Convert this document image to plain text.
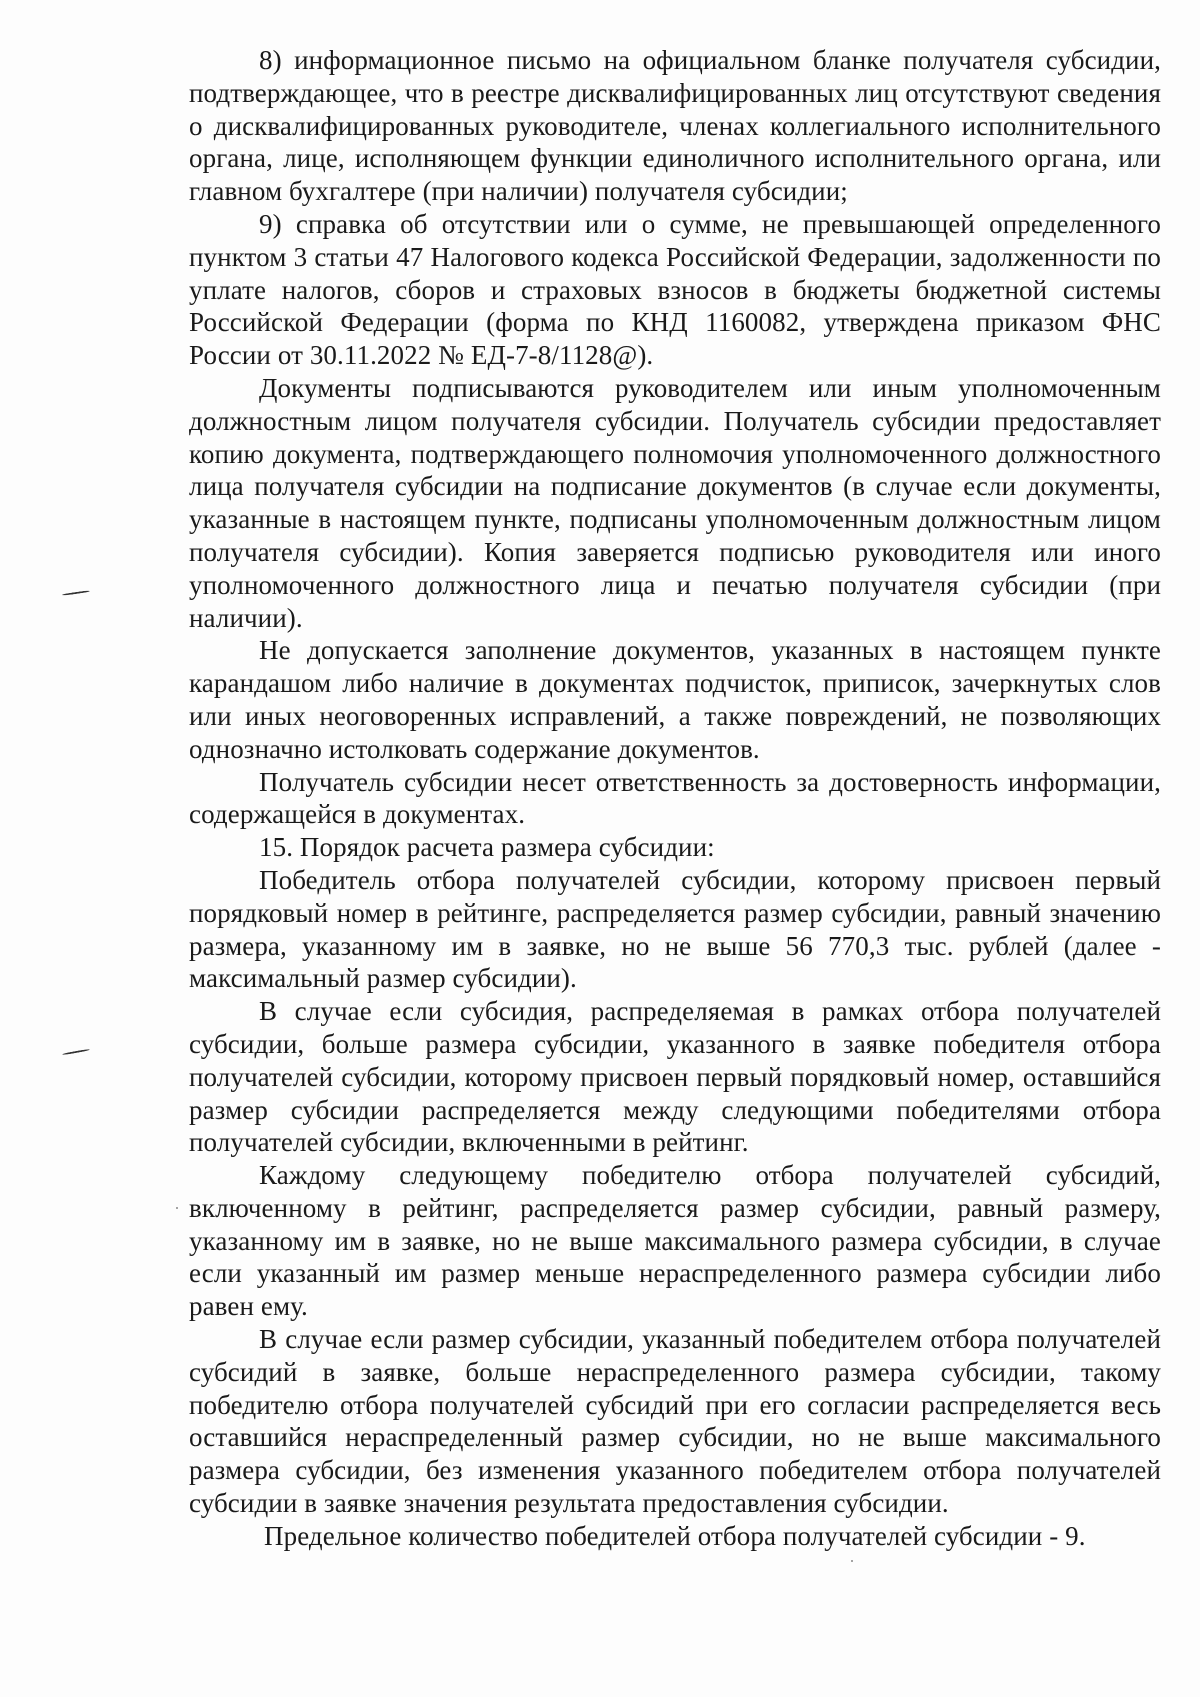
8) информационное письмо на официальном бланке получателя субсидии, подтверждающее, что в реестре дисквалифицированных лиц отсутствуют сведения о дисквалифицированных руководителе, членах коллегиального исполнительного органа, лице, исполняющем функции единоличного исполнительного органа, или главном бухгалтере (при наличии) получателя субсидии;

9) справка об отсутствии или о сумме, не превышающей определенного пунктом 3 статьи 47 Налогового кодекса Российской Федерации, задолженности по уплате налогов, сборов и страховых взносов в бюджеты бюджетной системы Российской Федерации (форма по КНД 1160082, утверждена приказом ФНС России от 30.11.2022 № ЕД-7-8/1128@).

Документы подписываются руководителем или иным уполномоченным должностным лицом получателя субсидии. Получатель субсидии предоставляет копию документа, подтверждающего полномочия уполномоченного должностного лица получателя субсидии на подписание документов (в случае если документы, указанные в настоящем пункте, подписаны уполномоченным должностным лицом получателя субсидии). Копия заверяется подписью руководителя или иного уполномоченного должностного лица и печатью получателя субсидии (при наличии).

Не допускается заполнение документов, указанных в настоящем пункте карандашом либо наличие в документах подчисток, приписок, зачеркнутых слов или иных неоговоренных исправлений, а также повреждений, не позволяющих однозначно истолковать содержание документов.

Получатель субсидии несет ответственность за достоверность информации, содержащейся в документах.

15. Порядок расчета размера субсидии:

Победитель отбора получателей субсидии, которому присвоен первый порядковый номер в рейтинге, распределяется размер субсидии, равный значению размера, указанному им в заявке, но не выше 56 770,3 тыс. рублей (далее - максимальный размер субсидии).

В случае если субсидия, распределяемая в рамках отбора получателей субсидии, больше размера субсидии, указанного в заявке победителя отбора получателей субсидии, которому присвоен первый порядковый номер, оставшийся размер субсидии распределяется между следующими победителями отбора получателей субсидии, включенными в рейтинг.

Каждому следующему победителю отбора получателей субсидий, включенному в рейтинг, распределяется размер субсидии, равный размеру, указанному им в заявке, но не выше максимального размера субсидии, в случае если указанный им размер меньше нераспределенного размера субсидии либо равен ему.

В случае если размер субсидии, указанный победителем отбора получателей субсидий в заявке, больше нераспределенного размера субсидии, такому победителю отбора получателей субсидий при его согласии распределяется весь оставшийся нераспределенный размер субсидии, но не выше максимального размера субсидии, без изменения указанного победителем отбора получателей субсидии в заявке значения результата предоставления субсидии.

Предельное количество победителей отбора получателей субсидии - 9.
